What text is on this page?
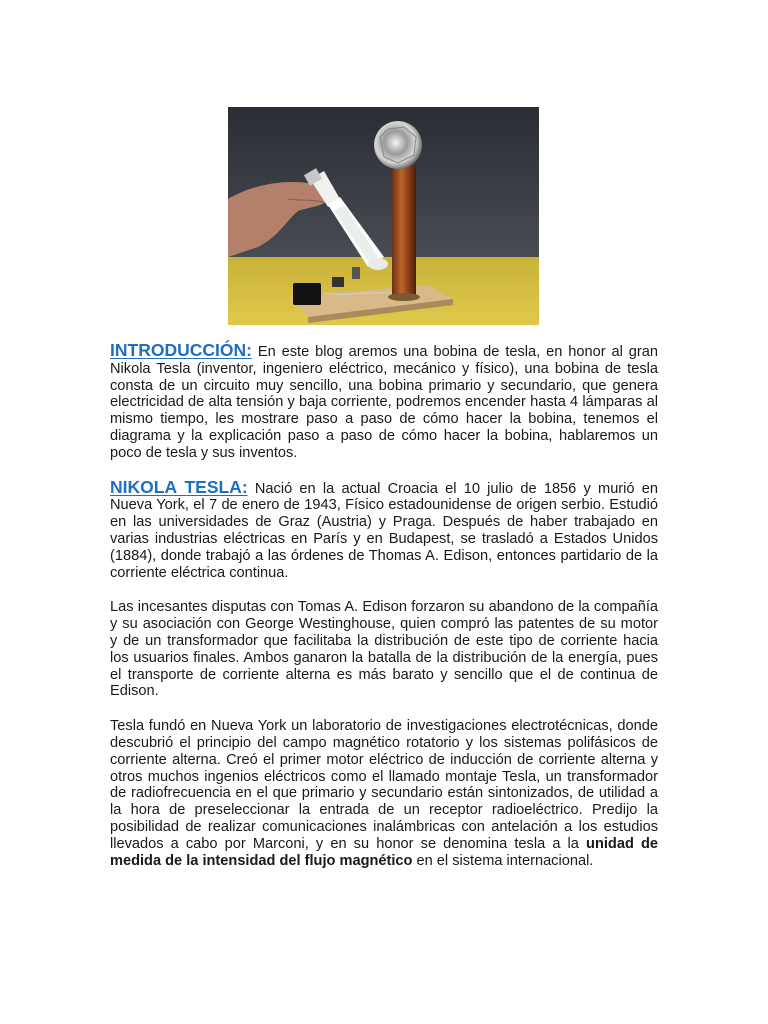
INTRODUCCIÓN: En este blog aremos una bobina de tesla, en honor al gran Nikola Tesla (inventor, ingeniero eléctrico, mecánico y físico), una bobina de tesla consta de un circuito muy sencillo, una bobina primario y secundario, que genera electricidad de alta tensión y baja corriente, podremos encender hasta 4 lámparas al mismo tiempo, les mostrare paso a paso de cómo hacer la bobina, tenemos el diagrama y la explicación paso a paso de cómo hacer la bobina, hablaremos un poco de tesla y sus inventos.

NIKOLA TESLA: Nació en la actual Croacia el 10 julio de 1856 y murió en Nueva York, el 7 de enero de 1943, Físico estadounidense de origen serbio. Estudió en las universidades de Graz (Austria) y Praga. Después de haber trabajado en varias industrias eléctricas en París y en Budapest, se trasladó a Estados Unidos (1884), donde trabajó a las órdenes de Thomas A. Edison, entonces partidario de la corriente eléctrica continua.

Las incesantes disputas con Tomas A. Edison forzaron su abandono de la compañía y su asociación con George Westinghouse, quien compró las patentes de su motor y de un transformador que facilitaba la distribución de este tipo de corriente hacia los usuarios finales. Ambos ganaron la batalla de la distribución de la energía, pues el transporte de corriente alterna es más barato y sencillo que el de continua de Edison.

Tesla fundó en Nueva York un laboratorio de investigaciones electrotécnicas, donde descubrió el principio del campo magnético rotatorio y los sistemas polifásicos de corriente alterna. Creó el primer motor eléctrico de inducción de corriente alterna y otros muchos ingenios eléctricos como el llamado montaje Tesla, un transformador de radiofrecuencia en el que primario y secundario están sintonizados, de utilidad a la hora de preseleccionar la entrada de un receptor radioeléctrico. Predijo la posibilidad de realizar comunicaciones inalámbricas con antelación a los estudios llevados a cabo por Marconi, y en su honor se denomina tesla a la unidad de medida de la intensidad del flujo magnético en el sistema internacional.
